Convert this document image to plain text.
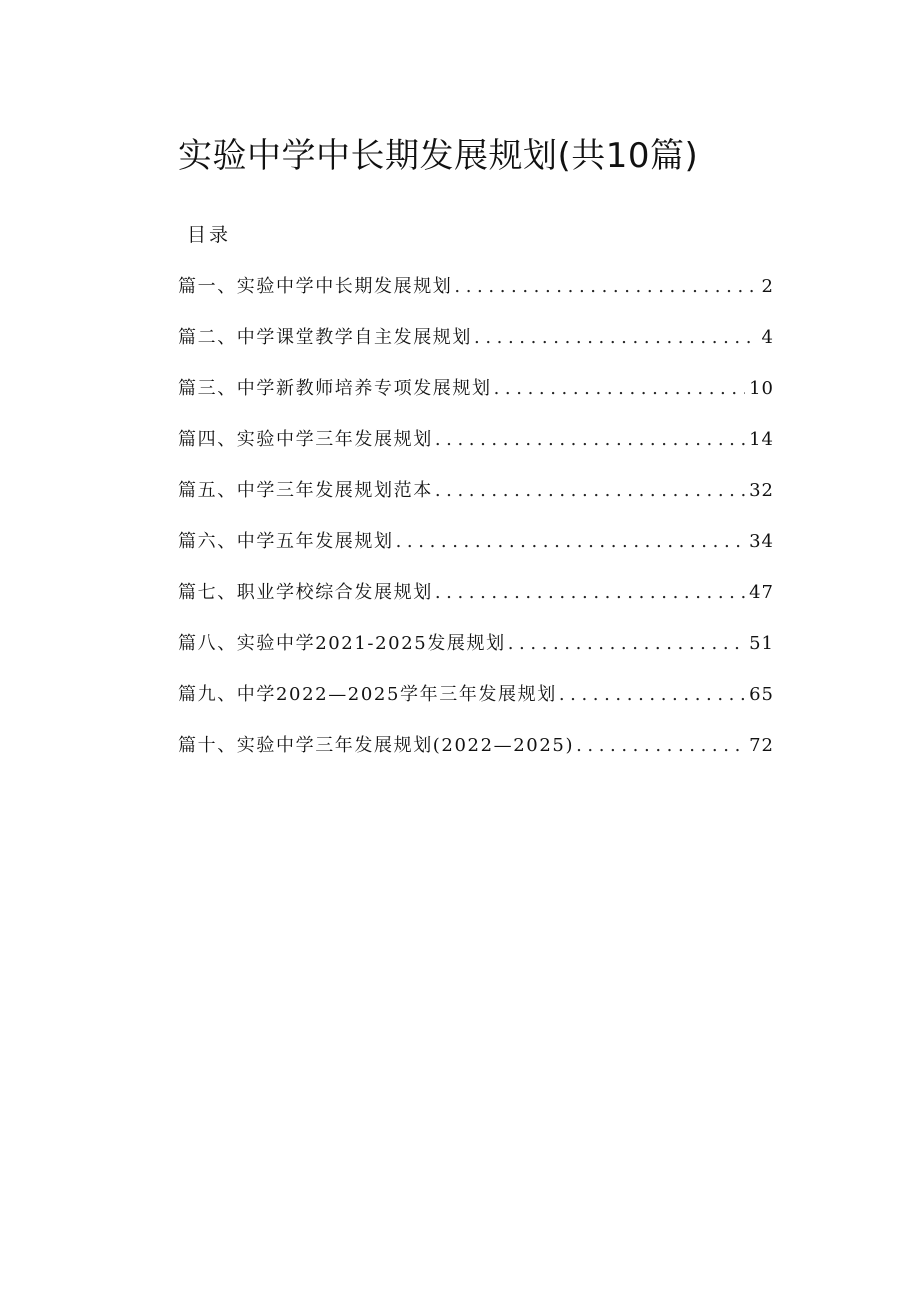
实验中学中长期发展规划(共10篇)
目录
篇一、实验中学中长期发展规划 .....	2
篇二、中学课堂教学自主发展规划 .....	4
篇三、中学新教师培养专项发展规划 .....	10
篇四、实验中学三年发展规划 .....	14
篇五、中学三年发展规划范本 .....	32
篇六、中学五年发展规划 .....	34
篇七、职业学校综合发展规划 .....	47
篇八、实验中学2021-2025发展规划 .....	51
篇九、中学2022—2025学年三年发展规划 .....	65
篇十、实验中学三年发展规划(2022—2025) .....	72
